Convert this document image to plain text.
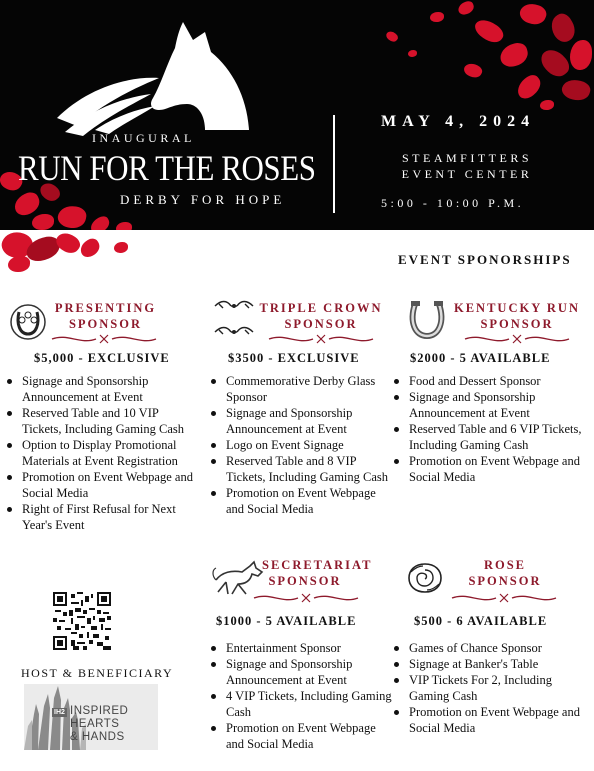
INAUGURAL
RUN FOR THE ROSES
DERBY FOR HOPE
MAY 4, 2024
STEAMFITTERS EVENT CENTER
5:00 - 10:00 P.M.
EVENT SPONORSHIPS
PRESENTING
SPONSOR
$5,000 - EXCLUSIVE
Signage and Sponsorship Announcement at Event
Reserved Table and 10 VIP Tickets, Including Gaming Cash
Option to Display Promotional Materials at Event Registration
Promotion on Event Webpage and Social Media
Right of First Refusal for Next Year's Event
TRIPLE CROWN
SPONSOR
$3500 - EXCLUSIVE
Commemorative Derby Glass Sponsor
Signage and Sponsorship Announcement at Event
Logo on Event Signage
Reserved Table and 8 VIP Tickets, Including Gaming Cash
Promotion on Event Webpage and Social Media
KENTUCKY RUN
SPONSOR
$2000 - 5 AVAILABLE
Food and Dessert Sponsor
Signage and Sponsorship Announcement at Event
Reserved Table and 6 VIP Tickets, Including Gaming Cash
Promotion on Event Webpage and Social Media
SECRETARIAT
SPONSOR
$1000 - 5 AVAILABLE
Entertainment Sponsor
Signage and Sponsorship Announcement at Event
4 VIP Tickets, Including Gaming Cash
Promotion on Event Webpage and Social Media
ROSE
SPONSOR
$500 - 6 AVAILABLE
Games of Chance Sponsor
Signage at Banker's Table
VIP Tickets For 2, Including Gaming Cash
Promotion on Event Webpage and Social Media
HOST & BENEFICIARY
IH2 INSPIRED
HEARTS
& HANDS
